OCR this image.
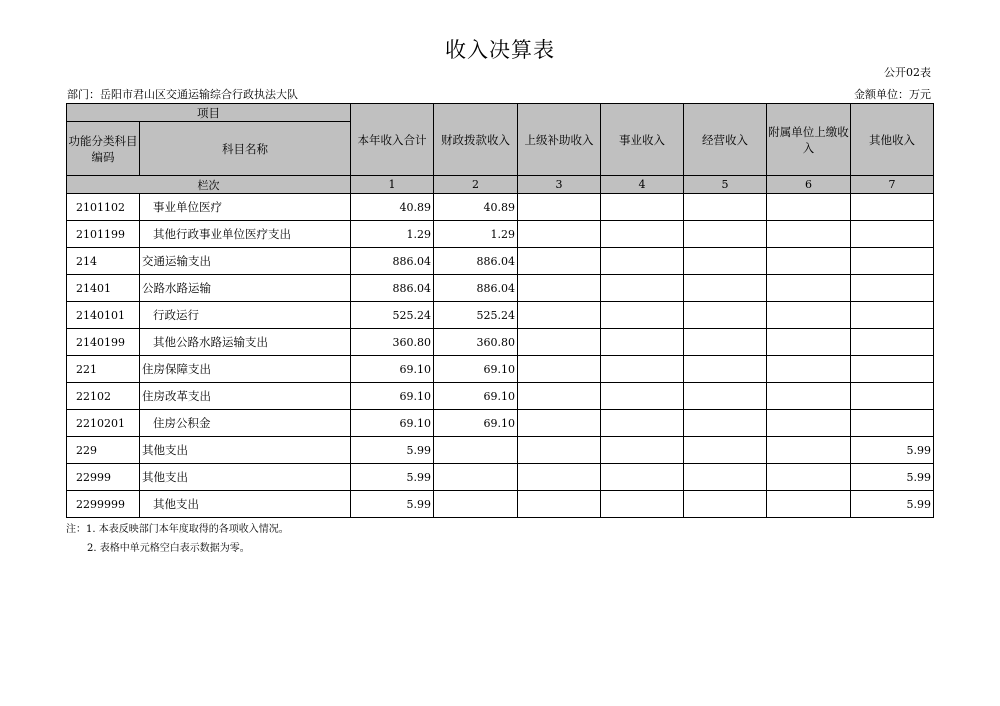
收入决算表
公开02表
部门：岳阳市君山区交通运输综合行政执法大队	金额单位：万元
项目		本年收入合计	财政拨款收入	上级补助收入	事业收入	经营收入	附属单位上缴收入	其他收入
功能分类科目编码	科目名称							
栏次		1	2	3	4	5	6	7
2101102	事业单位医疗	40.89	40.89					
2101199	其他行政事业单位医疗支出	1.29	1.29					
214	交通运输支出	886.04	886.04					
21401	公路水路运输	886.04	886.04					
2140101	行政运行	525.24	525.24					
2140199	其他公路水路运输支出	360.80	360.80					
221	住房保障支出	69.10	69.10					
22102	住房改革支出	69.10	69.10					
2210201	住房公积金	69.10	69.10					
229	其他支出	5.99						5.99
22999	其他支出	5.99						5.99
2299999	其他支出	5.99						5.99
注：1. 本表反映部门本年度取得的各项收入情况。
2. 表格中单元格空白表示数据为零。
